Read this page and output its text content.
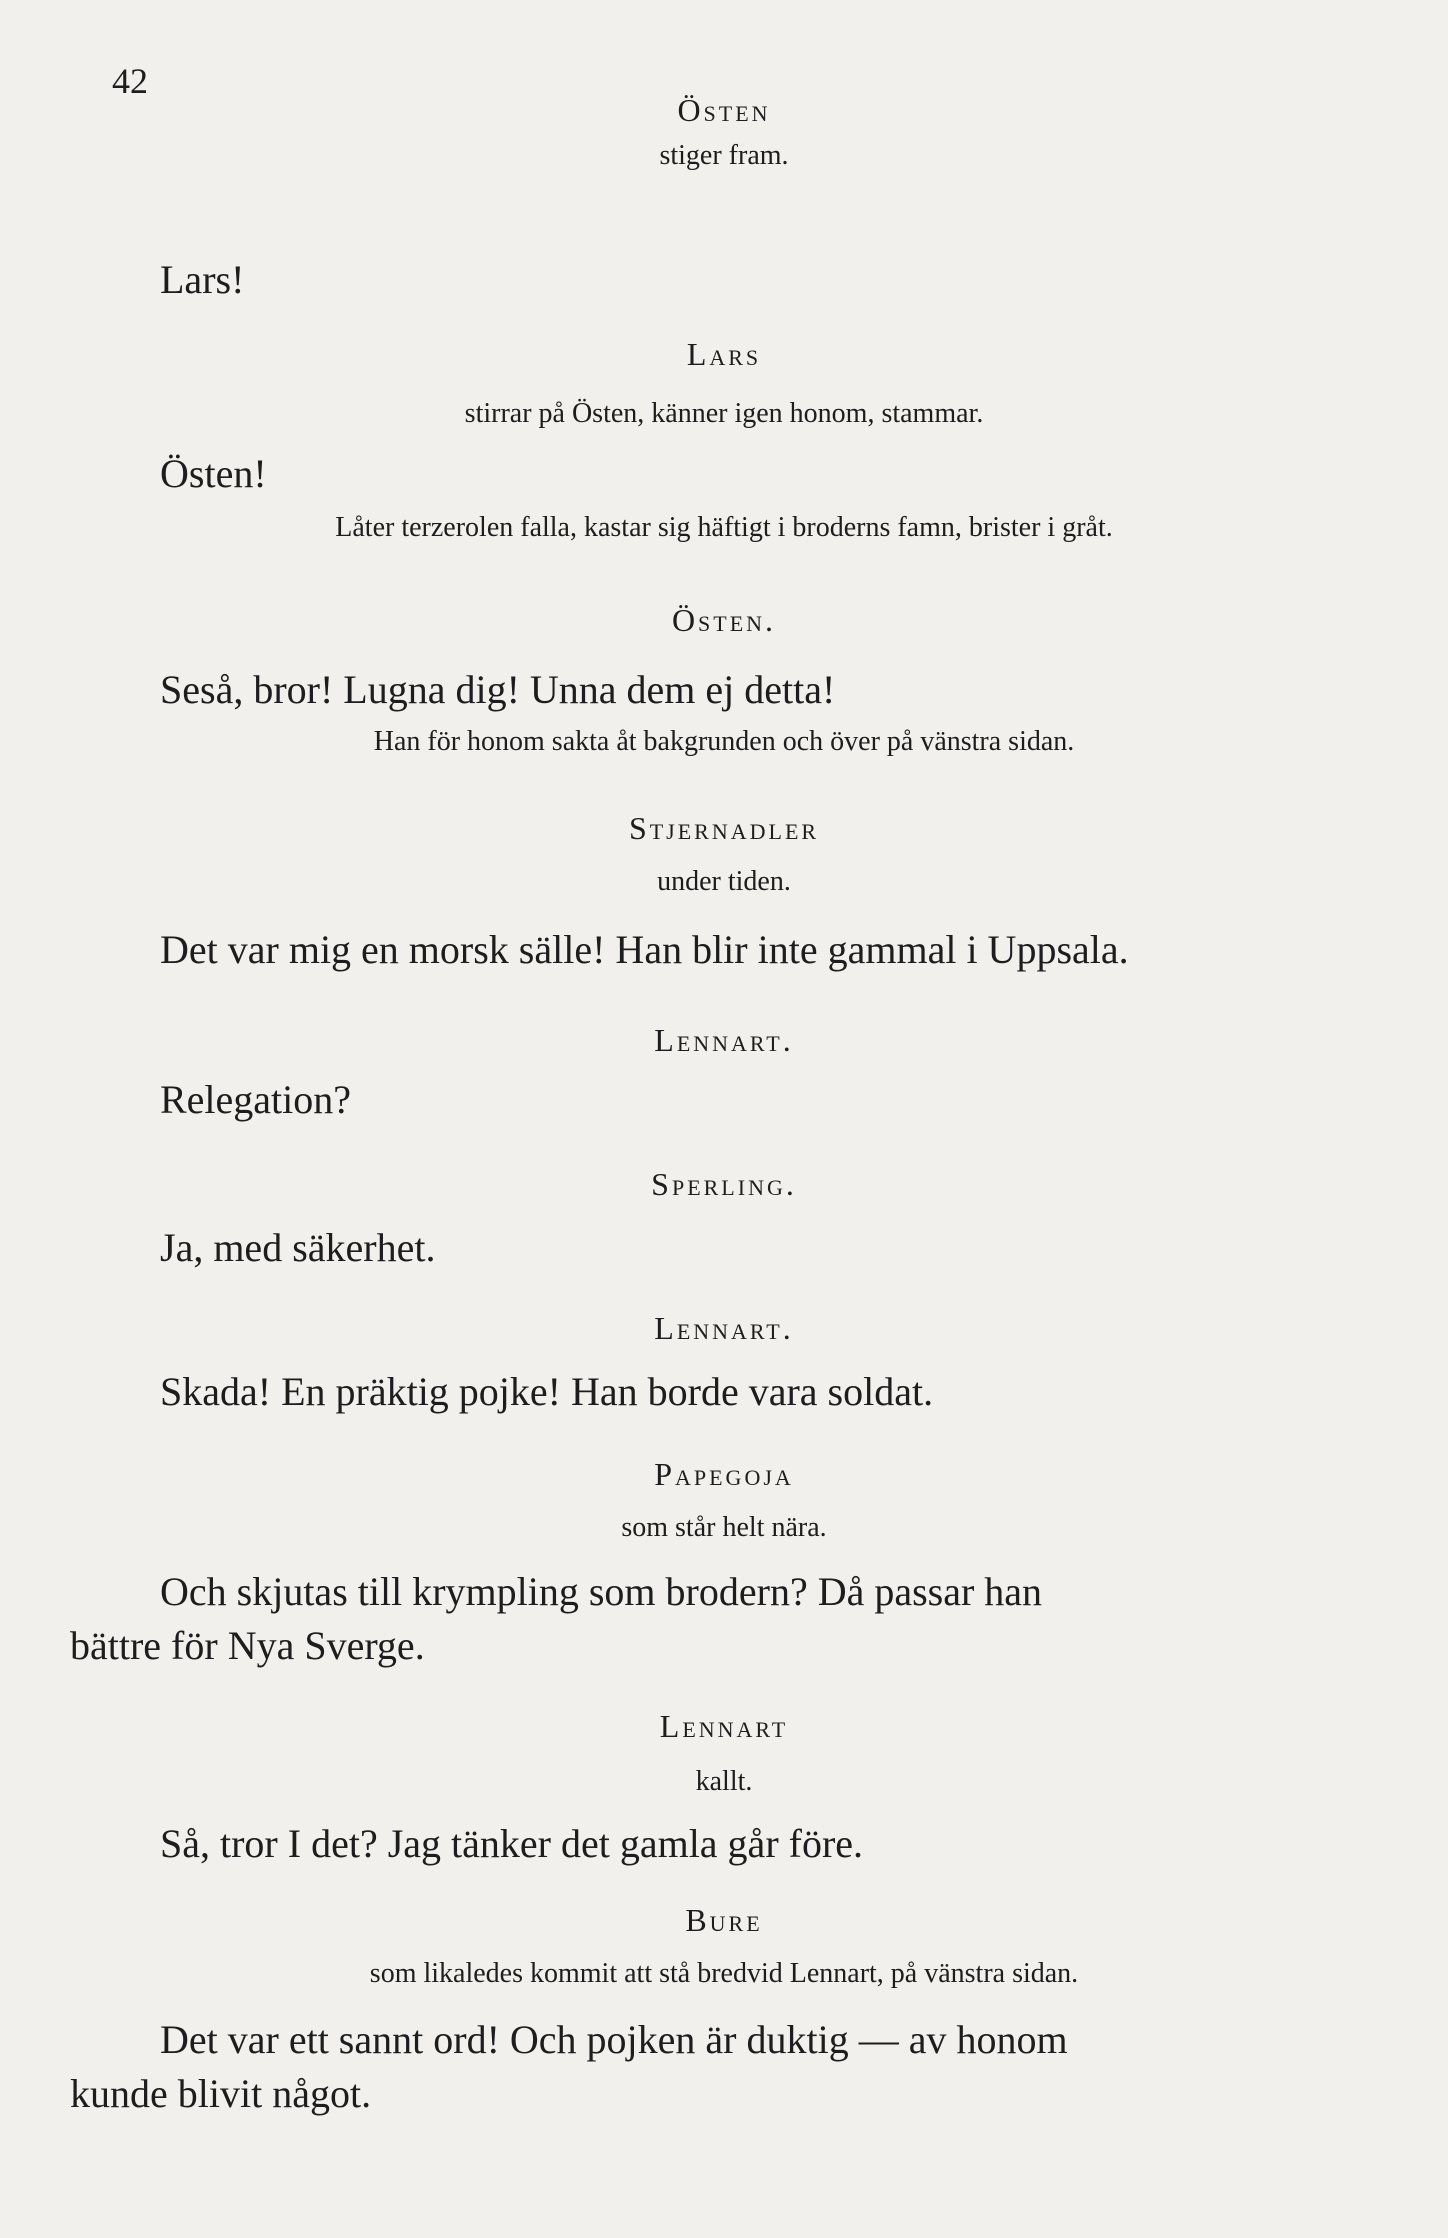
42
Östen
stiger fram.
Lars!
Lars
stirrar på Östen, känner igen honom, stammar.
Östen!
Låter terzerolen falla, kastar sig häftigt i broderns famn, brister i gråt.
Östen.
Seså, bror! Lugna dig! Unna dem ej detta!
Han för honom sakta åt bakgrunden och över på vänstra sidan.
Stjernadler
under tiden.
Det var mig en morsk sälle! Han blir inte gammal i Uppsala.
Lennart.
Relegation?
Sperling.
Ja, med säkerhet.
Lennart.
Skada! En präktig pojke! Han borde vara soldat.
Papegoja
som står helt nära.
Och skjutas till krympling som brodern? Då passar han
bättre för Nya Sverge.
Lennart
kallt.
Så, tror I det? Jag tänker det gamla går före.
Bure
som likaledes kommit att stå bredvid Lennart, på vänstra sidan.
Det var ett sannt ord! Och pojken är duktig — av honom
kunde blivit något.
